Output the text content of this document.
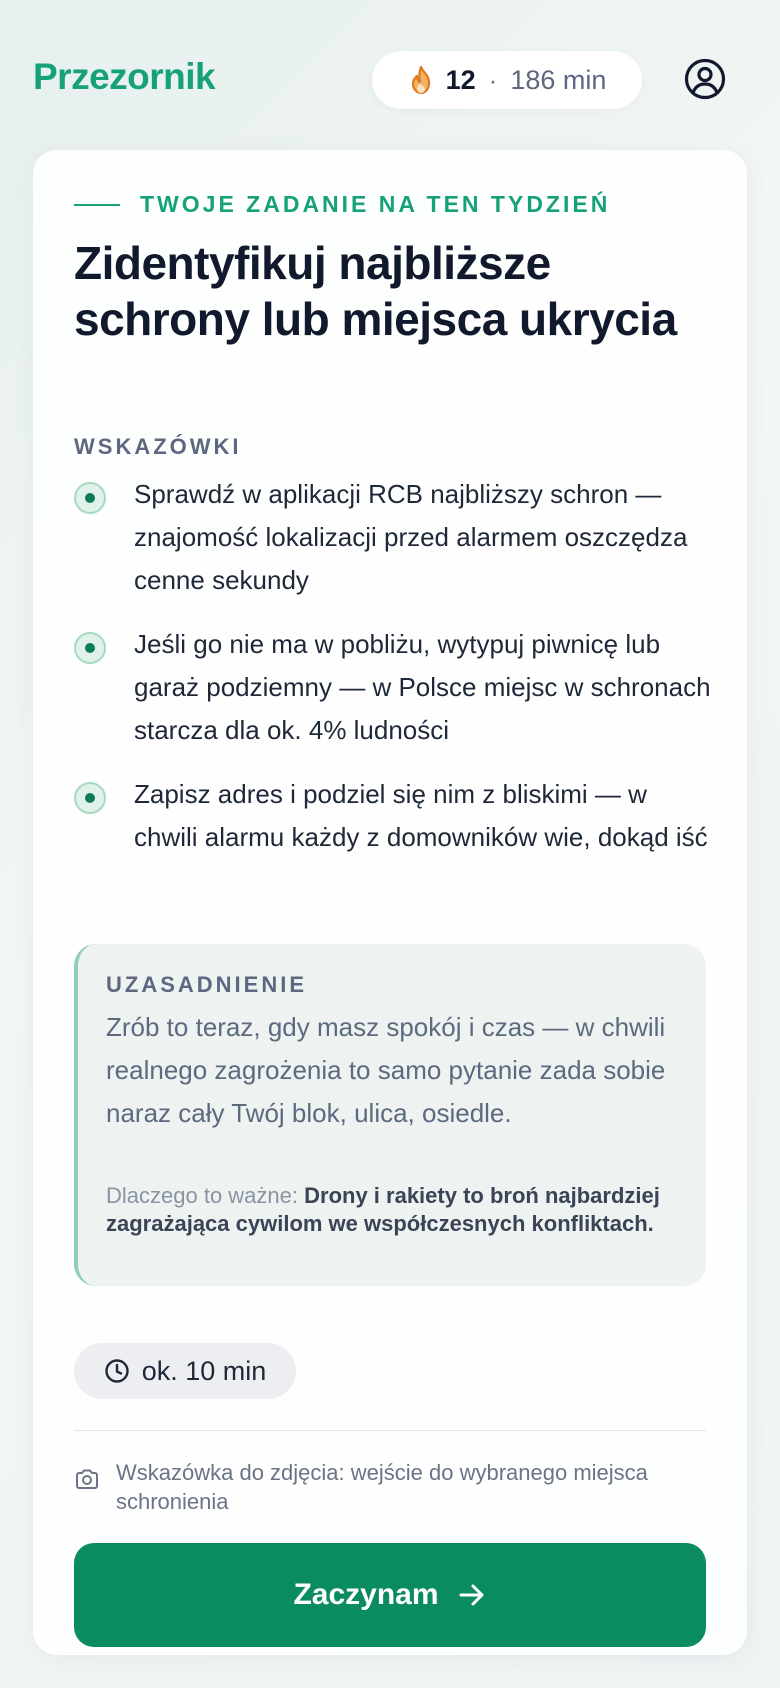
Przezornik	12 · 186 min
TWOJE ZADANIE NA TEN TYDZIEŃ
Zidentyfikuj najbliższe schrony lub miejsca ukrycia
WSKAZÓWKI
Sprawdź w aplikacji RCB najbliższy schron — znajomość lokalizacji przed alarmem oszczędza cenne sekundy
Jeśli go nie ma w pobliżu, wytypuj piwnicę lub garaż podziemny — w Polsce miejsc w schronach starcza dla ok. 4% ludności
Zapisz adres i podziel się nim z bliskimi — w chwili alarmu każdy z domowników wie, dokąd iść
UZASADNIENIE
Zrób to teraz, gdy masz spokój i czas — w chwili realnego zagrożenia to samo pytanie zada sobie naraz cały Twój blok, ulica, osiedle.
Dlaczego to ważne: Drony i rakiety to broń najbardziej zagrażająca cywilom we współczesnych konfliktach.
ok. 10 min
Wskazówka do zdjęcia: wejście do wybranego miejsca schronienia
Zaczynam
